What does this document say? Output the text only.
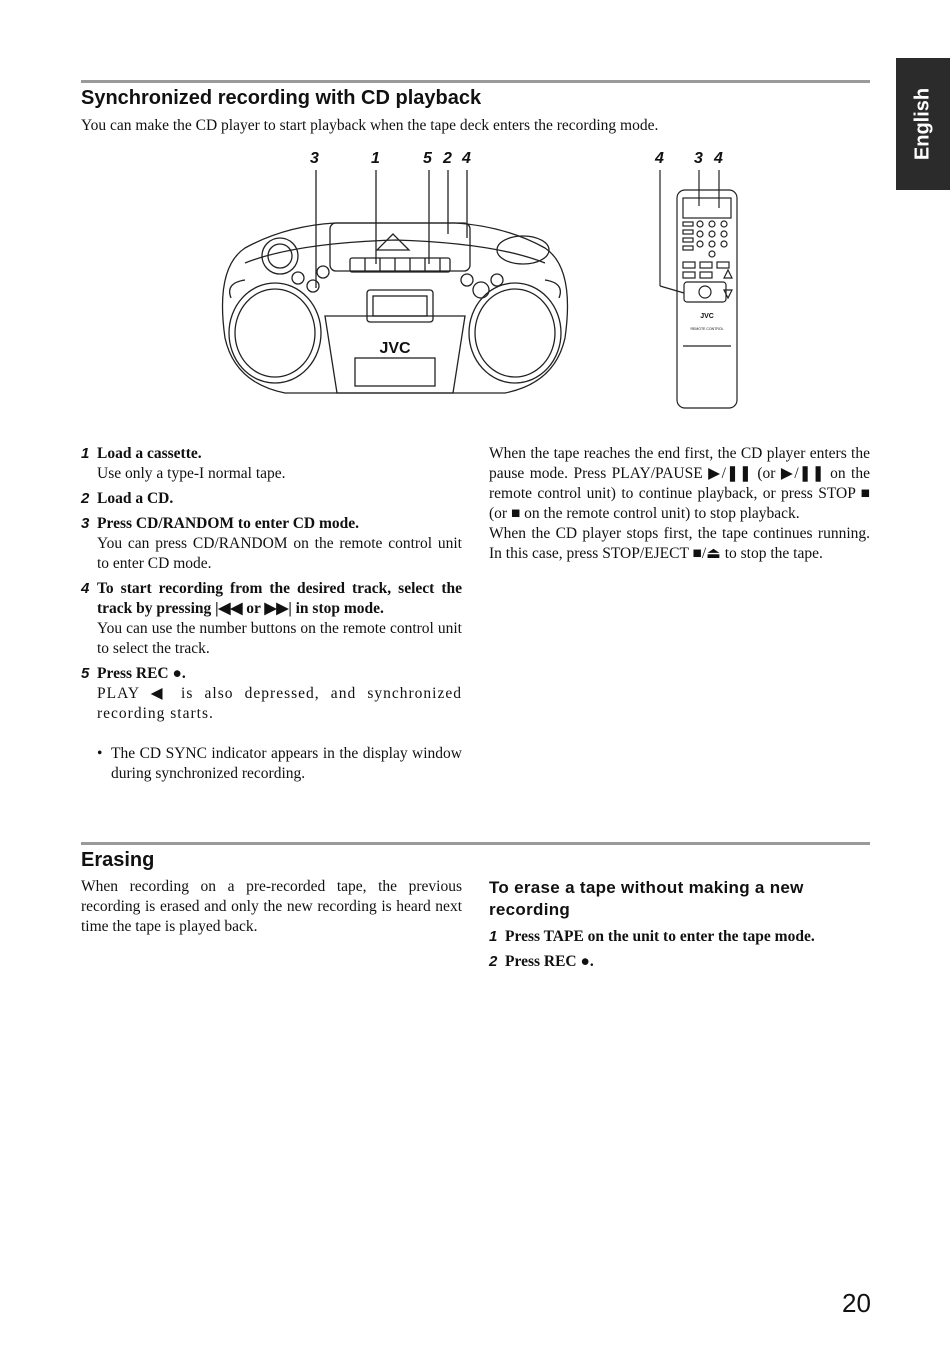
Synchronized recording with CD playback
You can make the CD player to start playback when the tape deck enters the recording mode.	English
3	1	5 2 4	4 3 4
JVC
JVC
REMOTE CONTROL
1 Load a cassette.
Use only a type-I normal tape.
2 Load a CD.
3 Press CD/RANDOM to enter CD mode.
You can press CD/RANDOM on the remote control unit to enter CD mode.
4 To start recording from the desired track, select the track by pressing |◀◀ or ▶▶| in stop mode.
You can use the number buttons on the remote control unit to select the track.
5 Press REC ●.
PLAY ◀ is also depressed, and synchronized recording starts.
• The CD SYNC indicator appears in the display window during synchronized recording.

When the tape reaches the end first, the CD player enters the pause mode. Press PLAY/PAUSE ▶/❚❚ (or ▶/❚❚ on the remote control unit) to continue playback, or press STOP ■ (or ■ on the remote control unit) to stop playback.

When the CD player stops first, the tape continues running. In this case, press STOP/EJECT ■/⏏ to stop the tape.

Erasing

When recording on a pre-recorded tape, the previous recording is erased and only the new recording is heard next time the tape is played back.

To erase a tape without making a new recording

1 Press TAPE on the unit to enter the tape mode.
2 Press REC ●.
20
